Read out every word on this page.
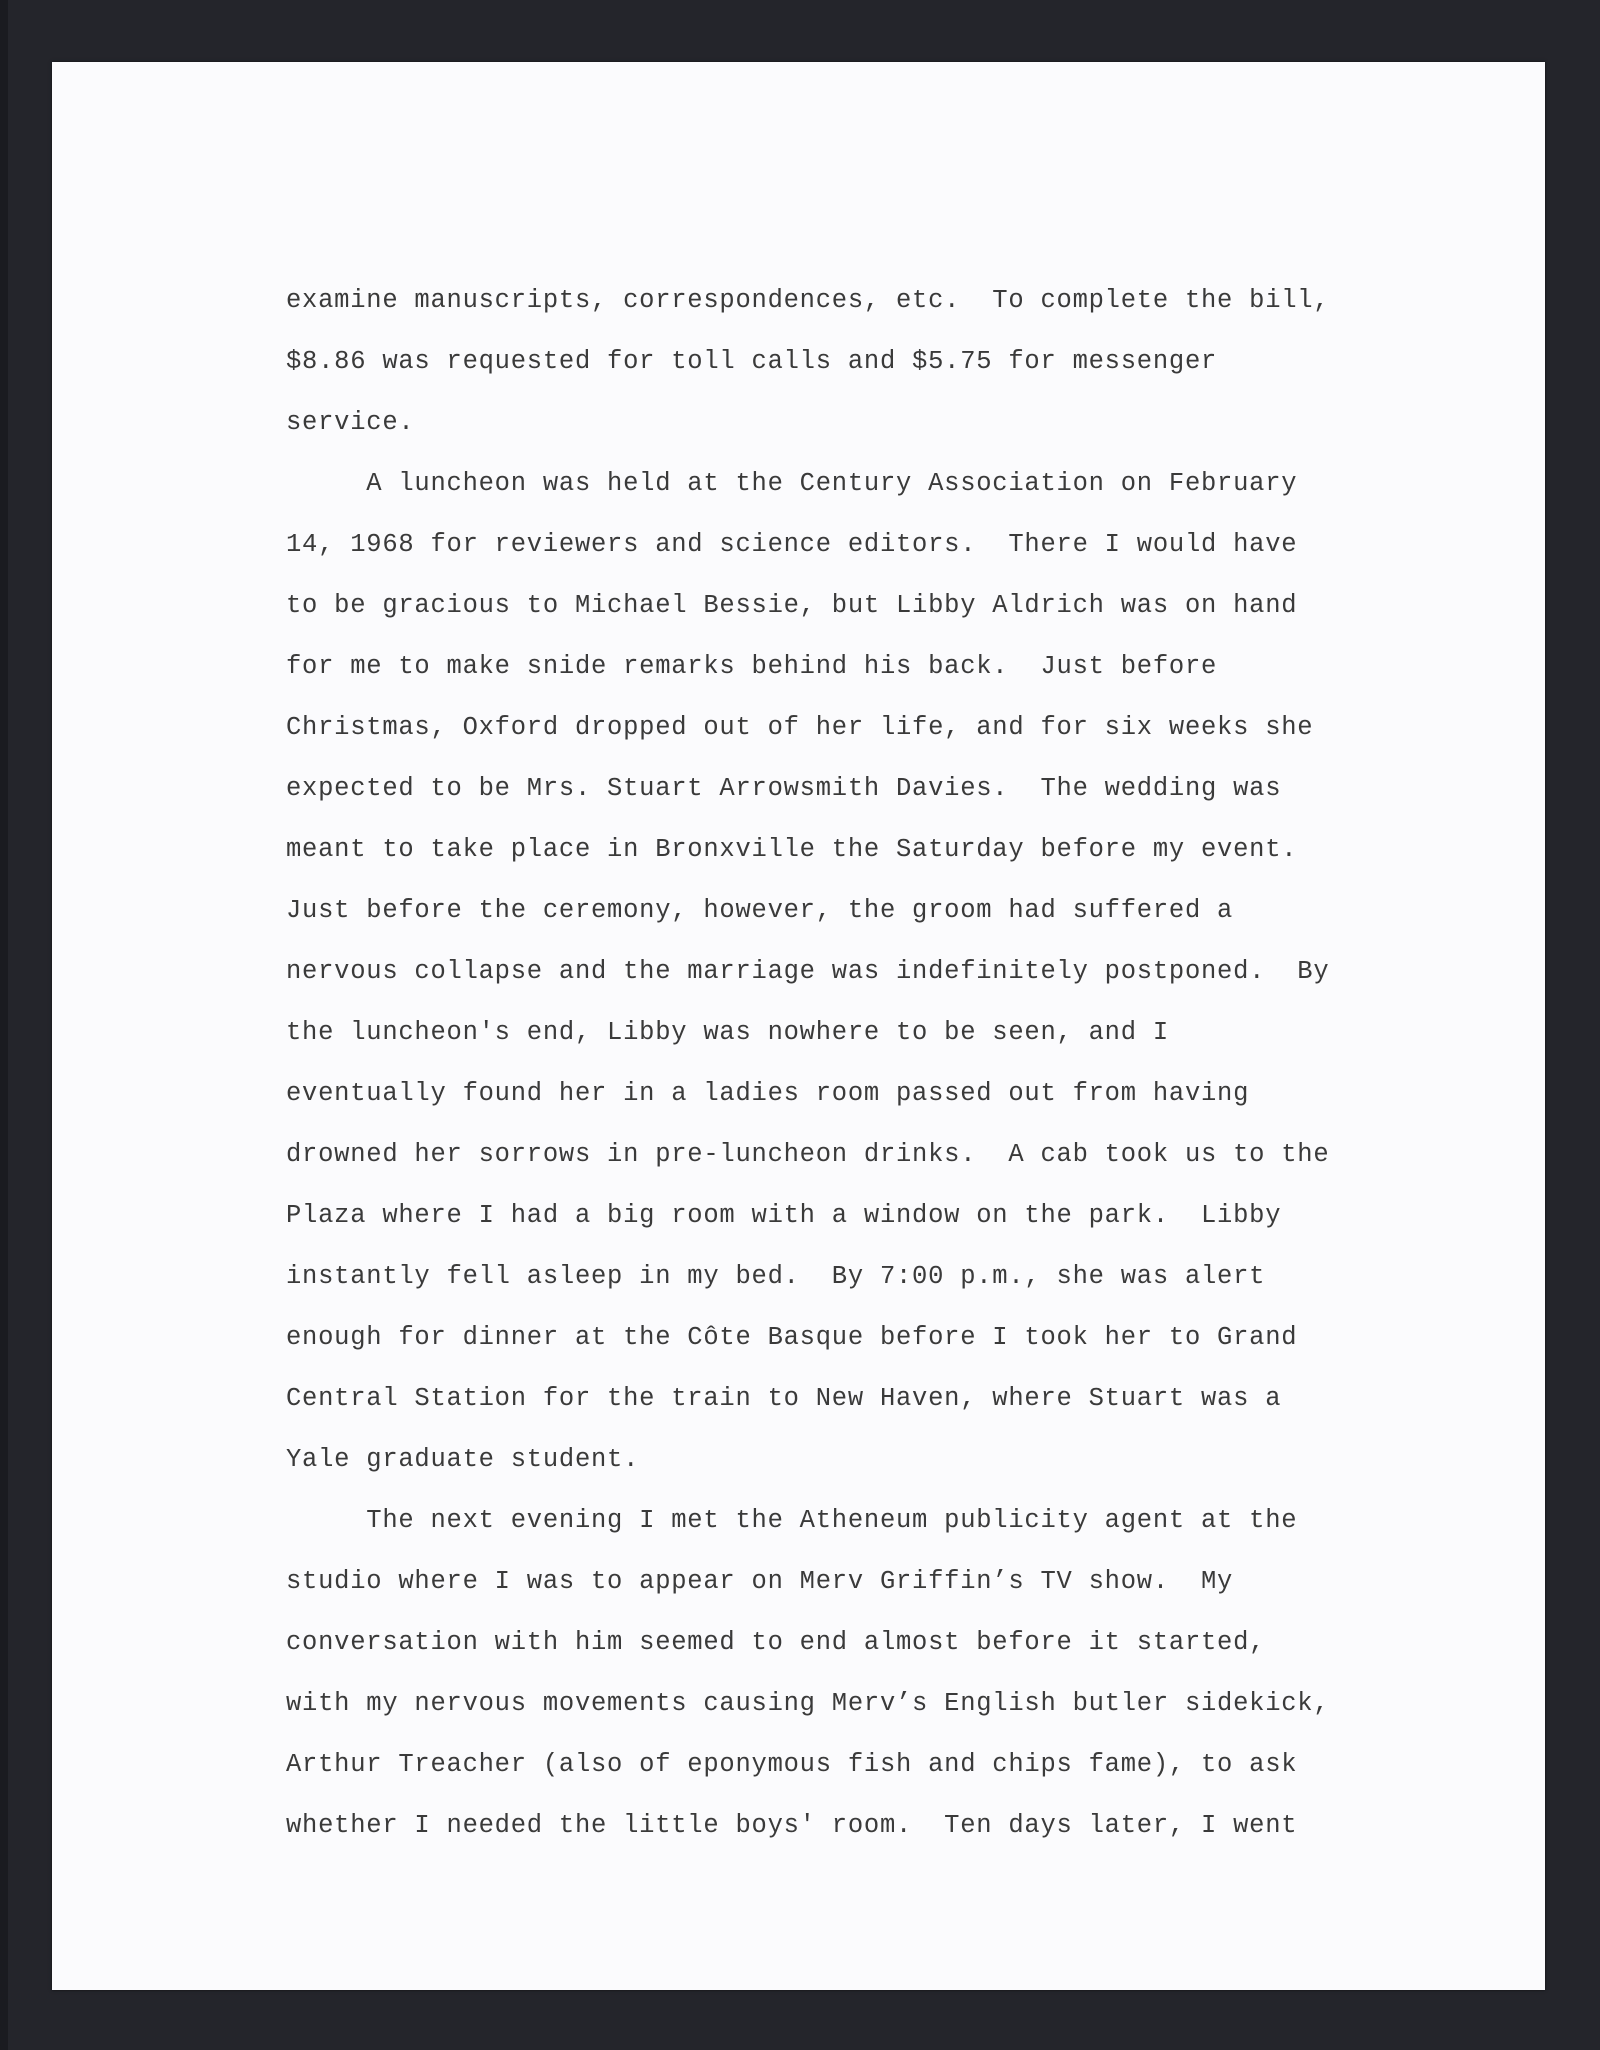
examine manuscripts, correspondences, etc.  To complete the bill,
$8.86 was requested for toll calls and $5.75 for messenger
service.
A luncheon was held at the Century Association on February
14, 1968 for reviewers and science editors.  There I would have
to be gracious to Michael Bessie, but Libby Aldrich was on hand
for me to make snide remarks behind his back.  Just before
Christmas, Oxford dropped out of her life, and for six weeks she
expected to be Mrs. Stuart Arrowsmith Davies.  The wedding was
meant to take place in Bronxville the Saturday before my event.
Just before the ceremony, however, the groom had suffered a
nervous collapse and the marriage was indefinitely postponed.  By
the luncheon's end, Libby was nowhere to be seen, and I
eventually found her in a ladies room passed out from having
drowned her sorrows in pre-luncheon drinks.  A cab took us to the
Plaza where I had a big room with a window on the park.  Libby
instantly fell asleep in my bed.  By 7:00 p.m., she was alert
enough for dinner at the Côte Basque before I took her to Grand
Central Station for the train to New Haven, where Stuart was a
Yale graduate student.
The next evening I met the Atheneum publicity agent at the
studio where I was to appear on Merv Griffin’s TV show.  My
conversation with him seemed to end almost before it started,
with my nervous movements causing Merv’s English butler sidekick,
Arthur Treacher (also of eponymous fish and chips fame), to ask
whether I needed the little boys' room.  Ten days later, I went
